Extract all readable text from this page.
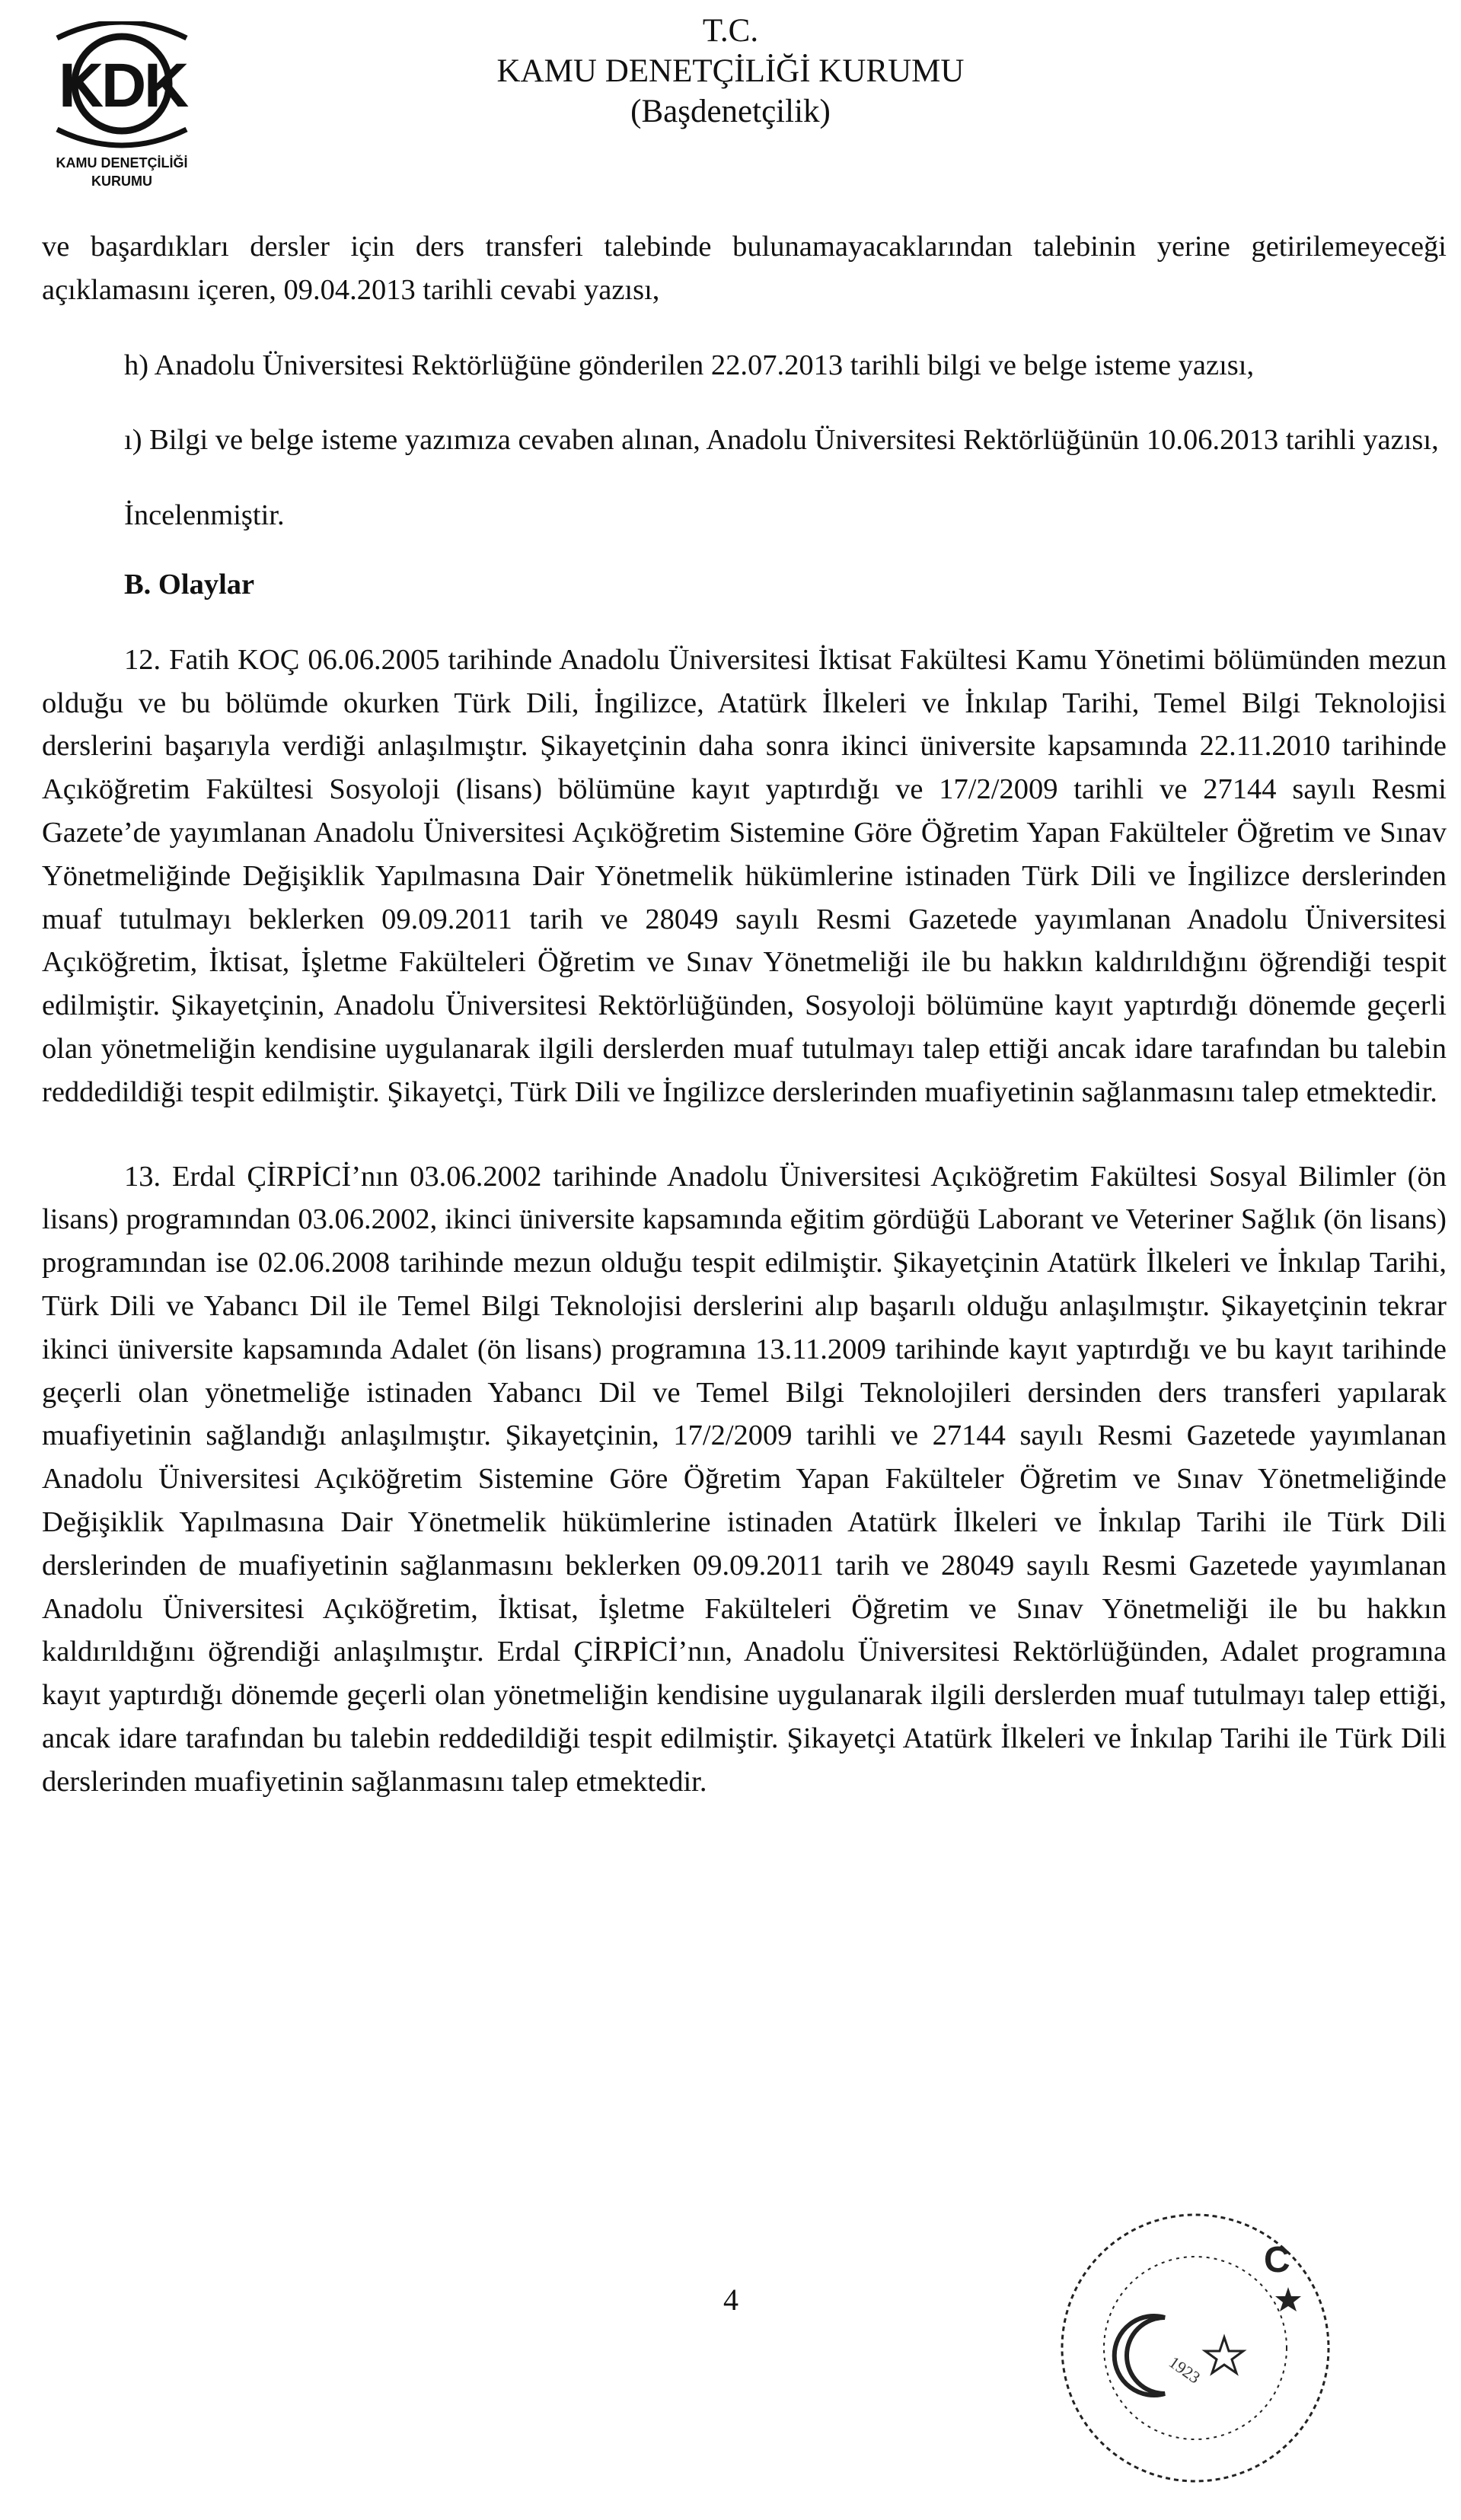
K
D
K
KAMU DENETÇİLİĞİ
KURUMU
T.C.
KAMU DENETÇİLİĞİ KURUMU
(Başdenetçilik)

ve başardıkları dersler için ders transferi talebinde bulunamayacaklarından talebinin yerine getirilemeyeceği açıklamasını içeren, 09.04.2013 tarihli cevabi yazısı,

h) Anadolu Üniversitesi Rektörlüğüne gönderilen 22.07.2013 tarihli bilgi ve belge isteme yazısı,

ı) Bilgi ve belge isteme yazımıza cevaben alınan, Anadolu Üniversitesi Rektörlüğünün 10.06.2013 tarihli yazısı,

İncelenmiştir.

B. Olaylar

12. Fatih KOÇ 06.06.2005 tarihinde Anadolu Üniversitesi İktisat Fakültesi Kamu Yönetimi bölümünden mezun olduğu ve bu bölümde okurken Türk Dili, İngilizce, Atatürk İlkeleri ve İnkılap Tarihi, Temel Bilgi Teknolojisi derslerini başarıyla verdiği anlaşılmıştır. Şikayetçinin daha sonra ikinci üniversite kapsamında 22.11.2010 tarihinde Açıköğretim Fakültesi Sosyoloji (lisans) bölümüne kayıt yaptırdığı ve 17/2/2009 tarihli ve 27144 sayılı Resmi Gazete’de yayımlanan Anadolu Üniversitesi Açıköğretim Sistemine Göre Öğretim Yapan Fakülteler Öğretim ve Sınav Yönetmeliğinde Değişiklik Yapılmasına Dair Yönetmelik hükümlerine istinaden Türk Dili ve İngilizce derslerinden muaf tutulmayı beklerken 09.09.2011 tarih ve 28049 sayılı Resmi Gazetede yayımlanan Anadolu Üniversitesi Açıköğretim, İktisat, İşletme Fakülteleri Öğretim ve Sınav Yönetmeliği ile bu hakkın kaldırıldığını öğrendiği tespit edilmiştir. Şikayetçinin, Anadolu Üniversitesi Rektörlüğünden, Sosyoloji bölümüne kayıt yaptırdığı dönemde geçerli olan yönetmeliğin kendisine uygulanarak ilgili derslerden muaf tutulmayı talep ettiği ancak idare tarafından bu talebin reddedildiği tespit edilmiştir. Şikayetçi, Türk Dili ve İngilizce derslerinden muafiyetinin sağlanmasını talep etmektedir.

13. Erdal ÇİRPİCİ’nın 03.06.2002 tarihinde Anadolu Üniversitesi Açıköğretim Fakültesi Sosyal Bilimler (ön lisans) programından 03.06.2002, ikinci üniversite kapsamında eğitim gördüğü Laborant ve Veteriner Sağlık (ön lisans) programından ise 02.06.2008 tarihinde mezun olduğu tespit edilmiştir. Şikayetçinin Atatürk İlkeleri ve İnkılap Tarihi, Türk Dili ve Yabancı Dil ile Temel Bilgi Teknolojisi derslerini alıp başarılı olduğu anlaşılmıştır. Şikayetçinin tekrar ikinci üniversite kapsamında Adalet (ön lisans) programına 13.11.2009 tarihinde kayıt yaptırdığı ve bu kayıt tarihinde geçerli olan yönetmeliğe istinaden Yabancı Dil ve Temel Bilgi Teknolojileri dersinden ders transferi yapılarak muafiyetinin sağlandığı anlaşılmıştır. Şikayetçinin, 17/2/2009 tarihli ve 27144 sayılı Resmi Gazetede yayımlanan Anadolu Üniversitesi Açıköğretim Sistemine Göre Öğretim Yapan Fakülteler Öğretim ve Sınav Yönetmeliğinde Değişiklik Yapılmasına Dair Yönetmelik hükümlerine istinaden Atatürk İlkeleri ve İnkılap Tarihi ile Türk Dili derslerinden de muafiyetinin sağlanmasını beklerken 09.09.2011 tarih ve 28049 sayılı Resmi Gazetede yayımlanan Anadolu Üniversitesi Açıköğretim, İktisat, İşletme Fakülteleri Öğretim ve Sınav Yönetmeliği ile bu hakkın kaldırıldığını öğrendiği anlaşılmıştır. Erdal ÇİRPİCİ’nın, Anadolu Üniversitesi Rektörlüğünden, Adalet programına kayıt yaptırdığı dönemde geçerli olan yönetmeliğin kendisine uygulanarak ilgili derslerden muaf tutulmayı talep ettiği, ancak idare tarafından bu talebin reddedildiği tespit edilmiştir. Şikayetçi Atatürk İlkeleri ve İnkılap Tarihi ile Türk Dili derslerinden muafiyetinin sağlanmasını talep etmektedir.

1923
C
4
